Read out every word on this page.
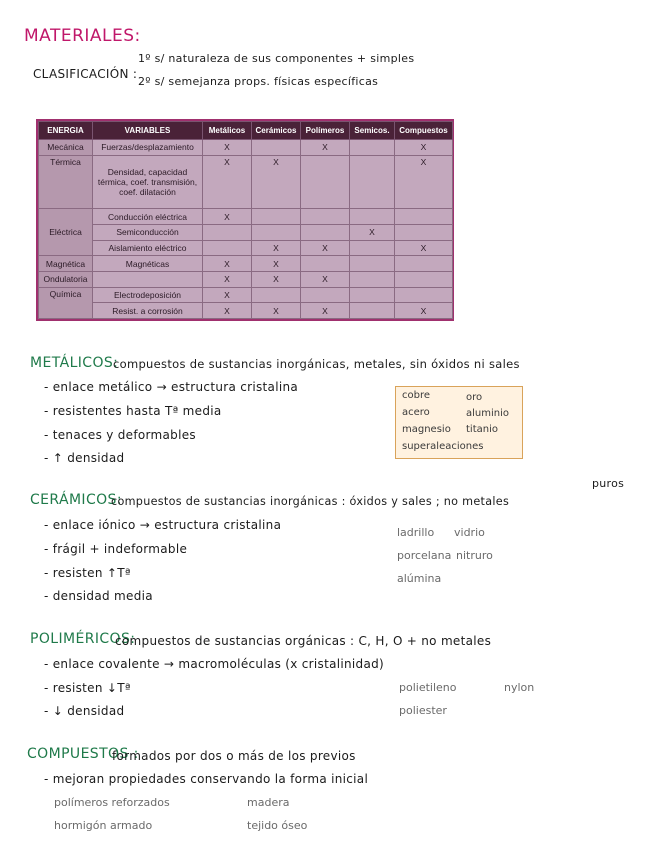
MATERIALES:
CLASIFICACIÓN :
1º s/ naturaleza de sus componentes + simples
2º s/ semejanza props. físicas específicas
ENERGIA	VARIABLES	Metálicos	Cerámicos	Polímeros	Semicos.	Compuestos
Mecánica	Fuerzas/desplazamiento	X		X		X
Térmica	Densidad, capacidad térmica, coef. transmisión, coef. dilatación	X	X			X
Eléctrica	Conducción eléctrica	X				
	Semiconducción				X	
	Aislamiento eléctrico		X	X		X
Magnética	Magnéticas	X	X			
Ondulatoria		X	X	X		
Química	Electrodeposición	X				
	Resist. a corrosión	X	X	X		X
METÁLICOS:
compuestos de sustancias inorgánicas, metales, sin óxidos ni sales
- enlace metálico → estructura cristalina
- resistentes hasta Tª media
- tenaces y deformables
- ↑ densidad
cobre	oro
acero	aluminio
magnesio titanio
superaleaciones
puros
CERÁMICOS:
compuestos de sustancias inorgánicas : óxidos y sales ; no metales
- enlace iónico → estructura cristalina
- frágil + indeformable
- resisten ↑Tª
- densidad media
ladrillo vidrio
porcelana nitruro
alúmina
POLIMÉRICOS:
compuestos de sustancias orgánicas : C, H, O + no metales
- enlace covalente → macromoléculas (x cristalinidad)
- resisten ↓Tª
- ↓ densidad
polietileno	nylon
poliester
COMPUESTOS :
formados por dos o más de los previos
- mejoran propiedades conservando la forma inicial
polímeros reforzados	madera
hormigón armado	tejido óseo
